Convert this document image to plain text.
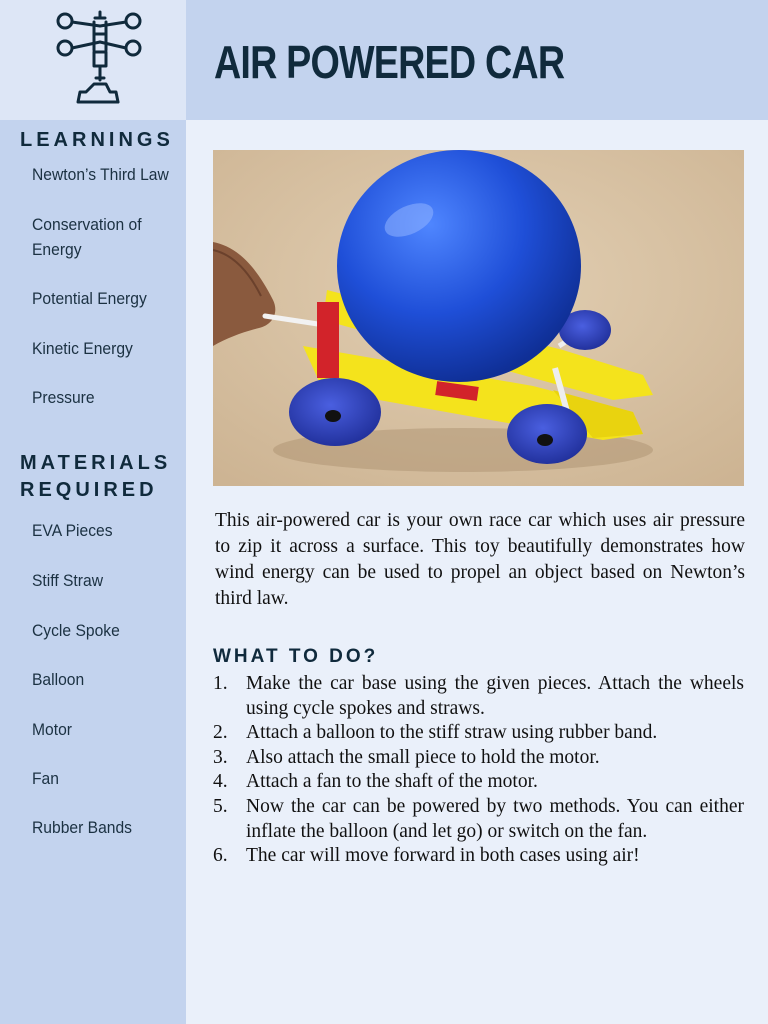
LEARNINGS
Newton’s Third Law
Conservation of Energy
Potential Energy
Kinetic Energy
Pressure
MATERIALS
REQUIRED
EVA Pieces
Stiff Straw
Cycle Spoke
Balloon
Motor
Fan
Rubber Bands
AIR POWERED CAR

This air-powered car is your own race car which uses air pressure to zip it across a surface. This toy beautifully demonstrates how wind energy can be used to propel an object based on Newton’s third law.

WHAT TO DO?
1. Make the car base using the given pieces. Attach the wheels using cycle spokes and straws.
2. Attach a balloon to the stiff straw using rubber band.
3. Also attach the small piece to hold the motor.
4. Attach a fan to the shaft of the motor.
5. Now the car can be powered by two methods. You can either inflate the balloon (and let go) or switch on the fan.
6. The car will move forward in both cases using air!
